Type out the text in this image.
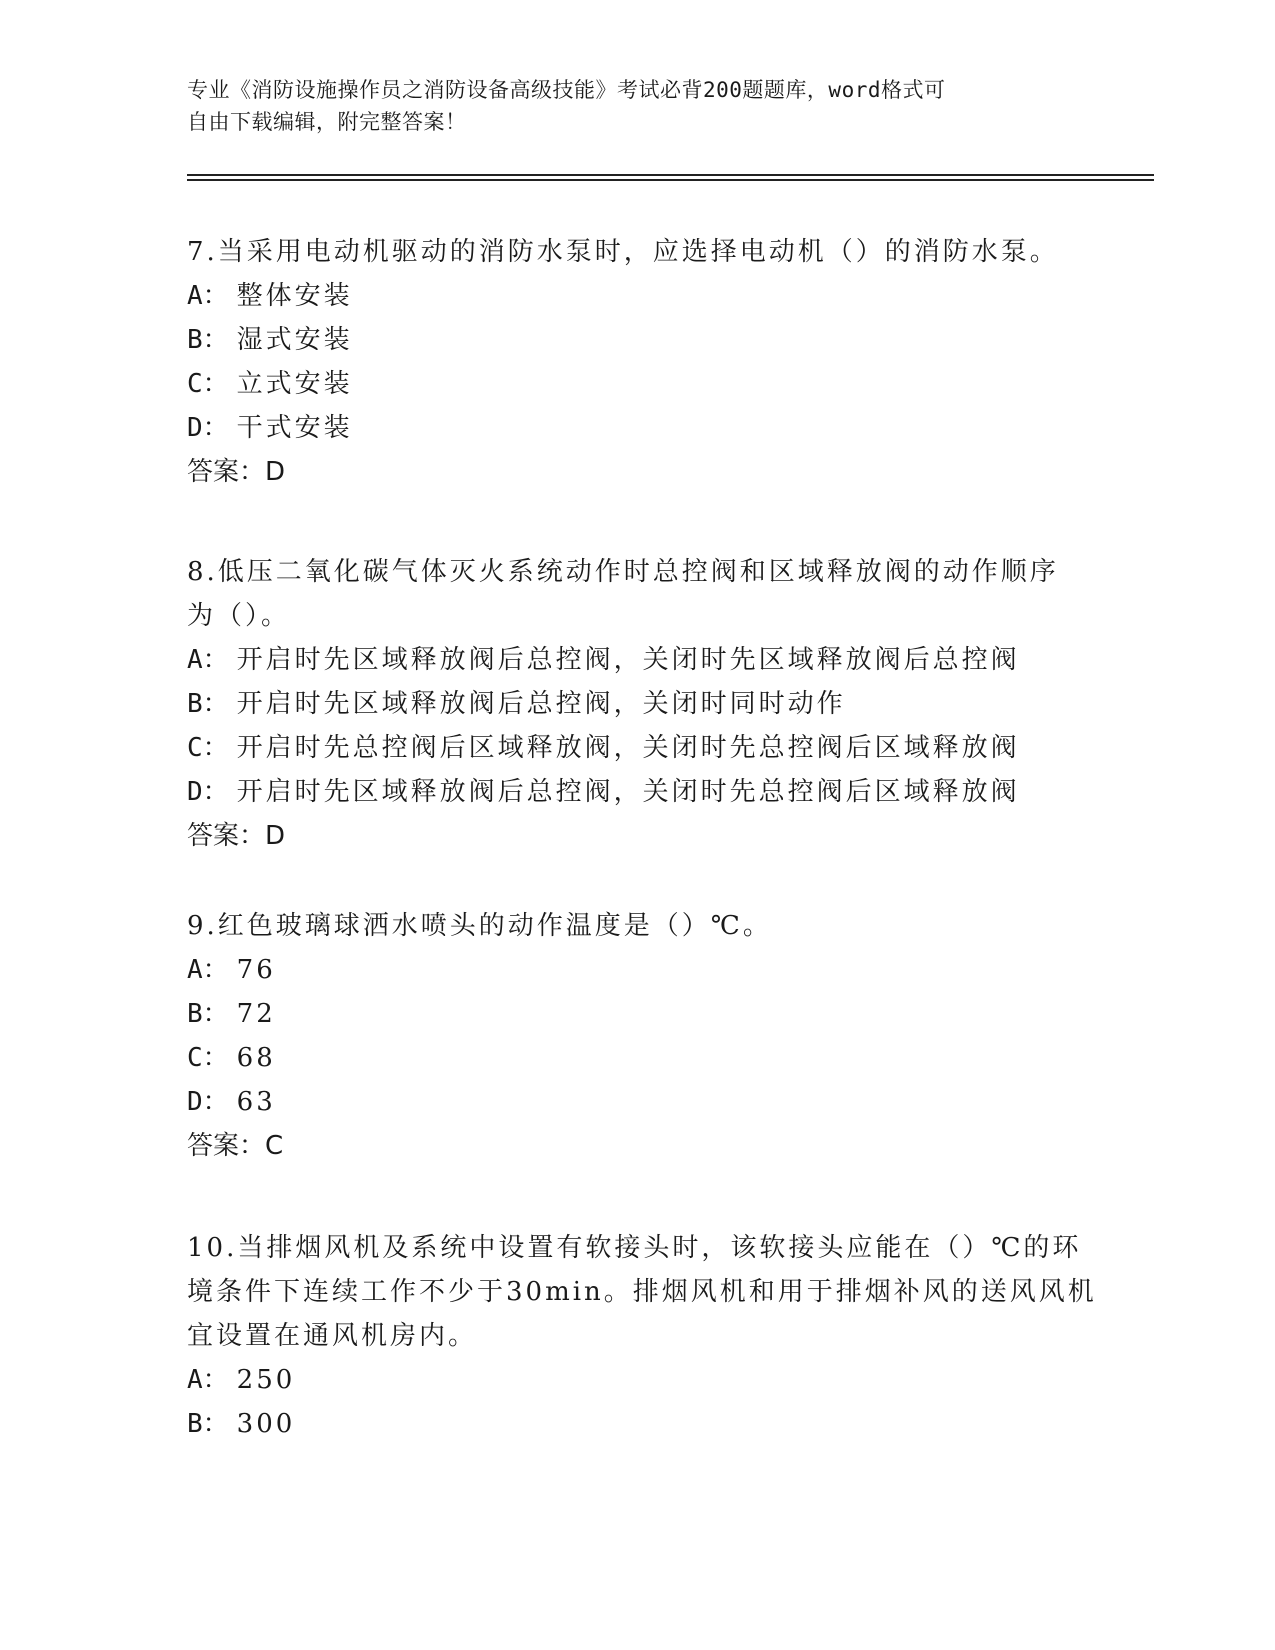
专业《消防设施操作员之消防设备高级技能》考试必背200题题库，word格式可
自由下载编辑，附完整答案！
7.当采用电动机驱动的消防水泵时，应选择电动机（）的消防水泵。
A： 整体安装
B： 湿式安装
C： 立式安装
D： 干式安装
答案：D
8.低压二氧化碳气体灭火系统动作时总控阀和区域释放阀的动作顺序
为（）。
A： 开启时先区域释放阀后总控阀，关闭时先区域释放阀后总控阀
B： 开启时先区域释放阀后总控阀，关闭时同时动作
C： 开启时先总控阀后区域释放阀，关闭时先总控阀后区域释放阀
D： 开启时先区域释放阀后总控阀，关闭时先总控阀后区域释放阀
答案：D
9.红色玻璃球洒水喷头的动作温度是（）℃。
A： 76
B： 72
C： 68
D： 63
答案：C
10.当排烟风机及系统中设置有软接头时，该软接头应能在（）℃的环
境条件下连续工作不少于30min。排烟风机和用于排烟补风的送风风机
宜设置在通风机房内。
A： 250
B： 300
